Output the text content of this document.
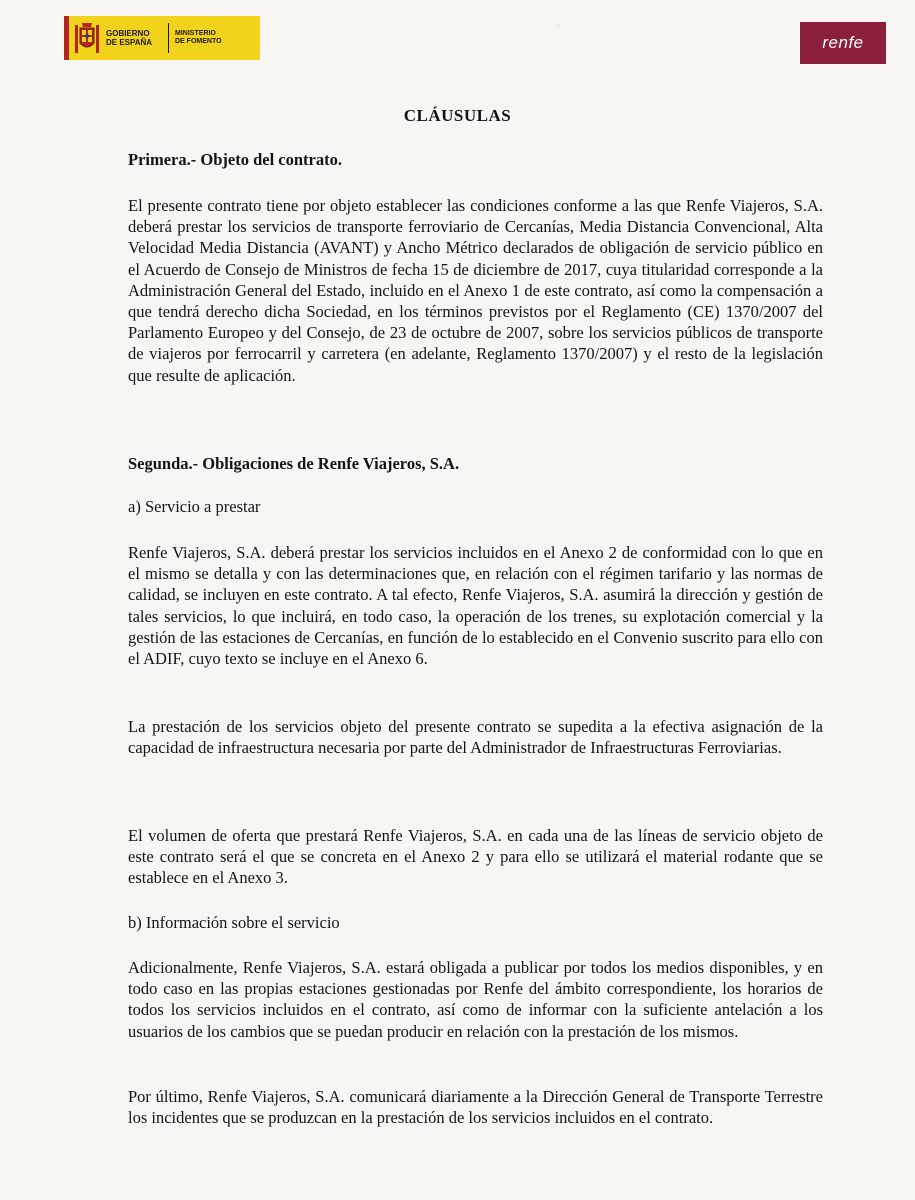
GOBIERNO
DE ESPAÑA
MINISTERIO
DE FOMENTO	renfe
·
·
CLÁUSULAS
Primera.- Objeto del contrato.
El presente contrato tiene por objeto establecer las condiciones conforme a las que Renfe Viajeros, S.A. deberá prestar los servicios de transporte ferroviario de Cercanías, Media Distancia Convencional, Alta Velocidad Media Distancia (AVANT) y Ancho Métrico declarados de obligación de servicio público en el Acuerdo de Consejo de Ministros de fecha 15 de diciembre de 2017, cuya titularidad corresponde a la Administración General del Estado, incluido en el Anexo 1 de este contrato, así como la compensación a que tendrá derecho dicha Sociedad, en los términos previstos por el Reglamento (CE) 1370/2007 del Parlamento Europeo y del Consejo, de 23 de octubre de 2007, sobre los servicios públicos de transporte de viajeros por ferrocarril y carretera (en adelante, Reglamento 1370/2007) y el resto de la legislación que resulte de aplicación.
Segunda.- Obligaciones de Renfe Viajeros, S.A.
a) Servicio a prestar
Renfe Viajeros, S.A. deberá prestar los servicios incluidos en el Anexo 2 de conformidad con lo que en el mismo se detalla y con las determinaciones que, en relación con el régimen tarifario y las normas de calidad, se incluyen en este contrato. A tal efecto, Renfe Viajeros, S.A. asumirá la dirección y gestión de tales servicios, lo que incluirá, en todo caso, la operación de los trenes, su explotación comercial y la gestión de las estaciones de Cercanías, en función de lo establecido en el Convenio suscrito para ello con el ADIF, cuyo texto se incluye en el Anexo 6.
La prestación de los servicios objeto del presente contrato se supedita a la efectiva asignación de la capacidad de infraestructura necesaria por parte del Administrador de Infraestructuras Ferroviarias.
El volumen de oferta que prestará Renfe Viajeros, S.A. en cada una de las líneas de servicio objeto de este contrato será el que se concreta en el Anexo 2 y para ello se utilizará el material rodante que se establece en el Anexo 3.
b) Información sobre el servicio
Adicionalmente, Renfe Viajeros, S.A. estará obligada a publicar por todos los medios disponibles, y en todo caso en las propias estaciones gestionadas por Renfe del ámbito correspondiente, los horarios de todos los servicios incluidos en el contrato, así como de informar con la suficiente antelación a los usuarios de los cambios que se puedan producir en relación con la prestación de los mismos.
Por último, Renfe Viajeros, S.A. comunicará diariamente a la Dirección General de Transporte Terrestre los incidentes que se produzcan en la prestación de los servicios incluidos en el contrato.
